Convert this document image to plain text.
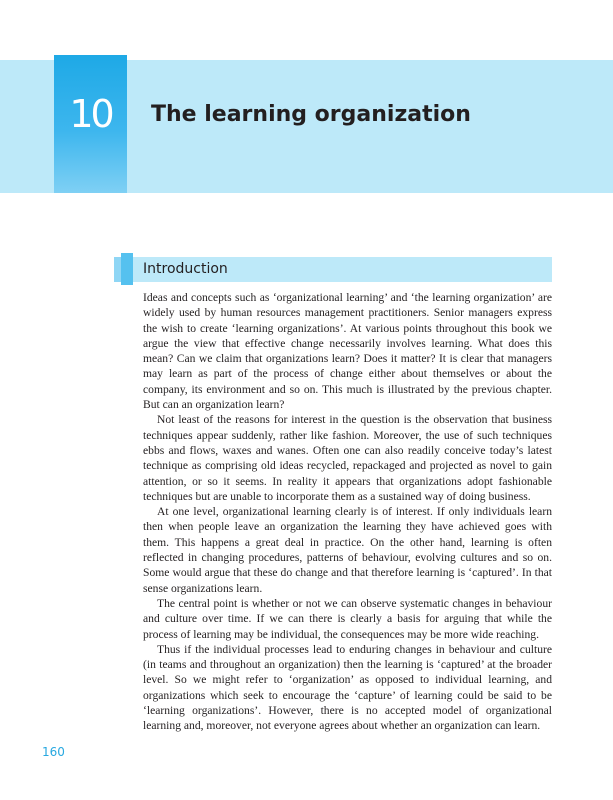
10	The learning organization
Introduction

Ideas and concepts such as ‘organizational learning’ and ‘the learning organization’ are widely used by human resources management practitioners. Senior managers express the wish to create ‘learning organizations’. At various points throughout this book we argue the view that effective change necessarily involves learning. What does this mean? Can we claim that organizations learn? Does it matter? It is clear that managers may learn as part of the process of change either about themselves or about the company, its environment and so on. This much is illustrated by the previous chapter. But can an organization learn?

Not least of the reasons for interest in the question is the observation that business techniques appear suddenly, rather like fashion. Moreover, the use of such techniques ebbs and flows, waxes and wanes. Often one can also readily conceive today’s latest technique as comprising old ideas recycled, repackaged and projected as novel to gain attention, or so it seems. In reality it appears that organizations adopt fashionable techniques but are unable to incorporate them as a sustained way of doing business.

At one level, organizational learning clearly is of interest. If only individuals learn then when people leave an organization the learning they have achieved goes with them. This happens a great deal in practice. On the other hand, learning is often reflected in changing procedures, patterns of behaviour, evolving cultures and so on. Some would argue that these do change and that therefore learning is ‘captured’. In that sense organizations learn.

The central point is whether or not we can observe systematic changes in behaviour and culture over time. If we can there is clearly a basis for arguing that while the process of learning may be individual, the consequences may be more wide reaching.

Thus if the individual processes lead to enduring changes in behaviour and culture (in teams and throughout an organization) then the learning is ‘captured’ at the broader level. So we might refer to ‘organization’ as opposed to individual learning, and organizations which seek to encourage the ‘capture’ of learning could be said to be ‘learning organizations’. However, there is no accepted model of organizational learning and, moreover, not everyone agrees about whether an organization can learn.

160
